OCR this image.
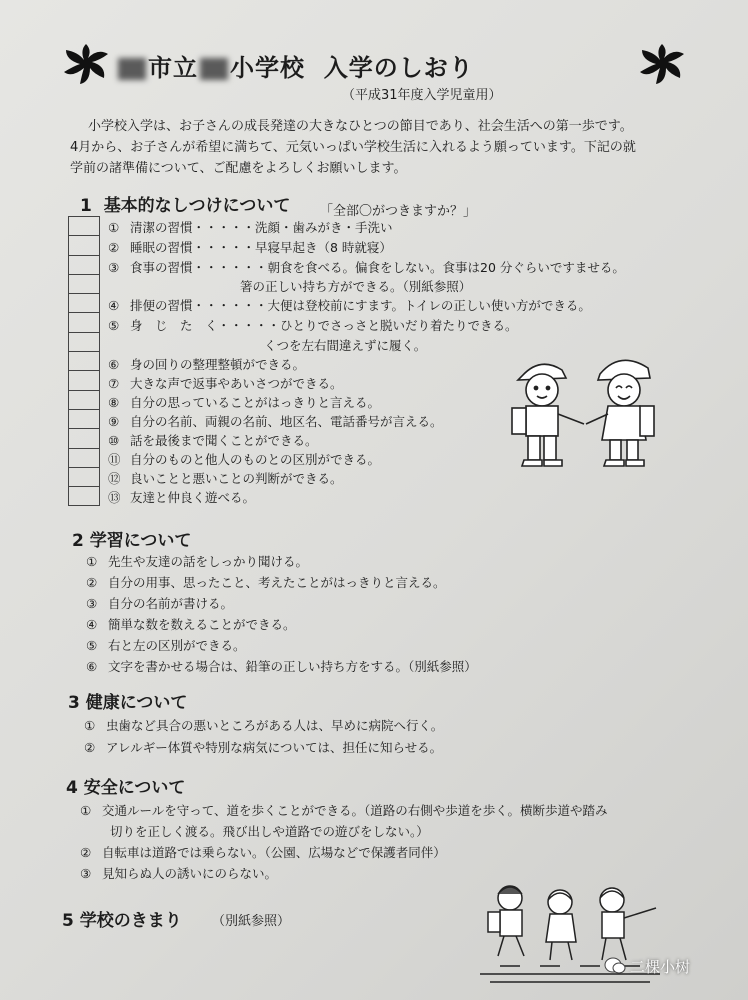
市立 小学校 入学のしおり
（平成31年度入学児童用）
小学校入学は、お子さんの成長発達の大きなひとつの節目であり、社会生活への第一歩です。
4月から、お子さんが希望に満ちて、元気いっぱい学校生活に入れるよう願っています。下記の就
学前の諸準備について、ご配慮をよろしくお願いします。
1 基本的なしつけについて 「全部〇がつきますか？」
① 清潔の習慣・・・・・洗顔・歯みがき・手洗い
② 睡眠の習慣・・・・・早寝早起き（8 時就寝）
③ 食事の習慣・・・・・・朝食を食べる。偏食をしない。食事は20 分ぐらいですませる。
箸の正しい持ち方ができる。（別紙参照）
④ 排便の習慣・・・・・・大便は登校前にすます。トイレの正しい使い方ができる。
⑤ 身　じ　た　く・・・・・ひとりでさっさと脱いだり着たりできる。
くつを左右間違えずに履く。
⑥ 身の回りの整理整頓ができる。
⑦ 大きな声で返事やあいさつができる。
⑧ 自分の思っていることがはっきりと言える。
⑨ 自分の名前、両親の名前、地区名、電話番号が言える。
⑩ 話を最後まで聞くことができる。
⑪ 自分のものと他人のものとの区別ができる。
⑫ 良いことと悪いことの判断ができる。
⑬ 友達と仲良く遊べる。
2 学習について
① 先生や友達の話をしっかり聞ける。
② 自分の用事、思ったこと、考えたことがはっきりと言える。
③ 自分の名前が書ける。
④ 簡単な数を数えることができる。
⑤ 右と左の区別ができる。
⑥ 文字を書かせる場合は、鉛筆の正しい持ち方をする。（別紙参照）
3 健康について
① 虫歯など具合の悪いところがある人は、早めに病院へ行く。
② アレルギー体質や特別な病気については、担任に知らせる。
4 安全について
① 交通ルールを守って、道を歩くことができる。（道路の右側や歩道を歩く。横断歩道や踏み
切りを正しく渡る。飛び出しや道路での遊びをしない。）
② 自転車は道路では乗らない。（公園、広場などで保護者同伴）
③ 見知らぬ人の誘いにのらない。
5 学校のきまり （別紙参照）
二棵小树
